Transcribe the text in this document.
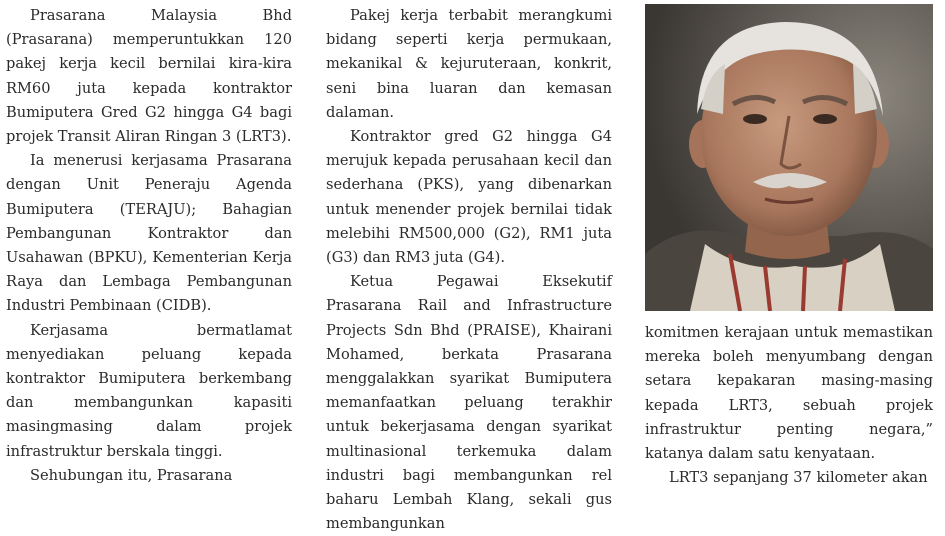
Prasarana Malaysia Bhd (Prasarana) memperuntukkan 120 pakej kerja kecil bernilai kira-kira RM60 juta kepada kontraktor Bumiputera Gred G2 hingga G4 bagi projek Transit Aliran Ringan 3 (LRT3).

Ia menerusi kerjasama Prasarana dengan Unit Peneraju Agenda Bumiputera (TERAJU); Bahagian Pembangunan Kontraktor dan Usahawan (BPKU), Kementerian Kerja Raya dan Lembaga Pembangunan Industri Pembinaan (CIDB).

Kerjasama bermatlamat menyediakan peluang kepada kontraktor Bumiputera berkembang dan membangunkan kapasiti masingmasing dalam projek infrastruktur berskala tinggi.

Sehubungan itu, Prasarana

Pakej kerja terbabit merangkumi bidang seperti kerja permukaan, mekanikal & kejuruteraan, konkrit, seni bina luaran dan kemasan dalaman.

Kontraktor gred G2 hingga G4 merujuk kepada perusahaan kecil dan sederhana (PKS), yang dibenarkan untuk menender projek bernilai tidak melebihi RM500,000 (G2), RM1 juta (G3) dan RM3 juta (G4).

Ketua Pegawai Eksekutif Prasarana Rail and Infrastructure Projects Sdn Bhd (PRAISE), Khairani Mohamed, berkata Prasarana menggalakkan syarikat Bumiputera memanfaatkan peluang terakhir untuk bekerjasama dengan syarikat multinasional terkemuka dalam industri bagi membangunkan rel baharu Lembah Klang, sekali gus membangunkan

komitmen kerajaan untuk memastikan mereka boleh menyumbang dengan setara kepakaran masing-masing kepada LRT3, sebuah projek infrastruktur penting negara,” katanya dalam satu kenyataan.

LRT3 sepanjang 37 kilometer akan
